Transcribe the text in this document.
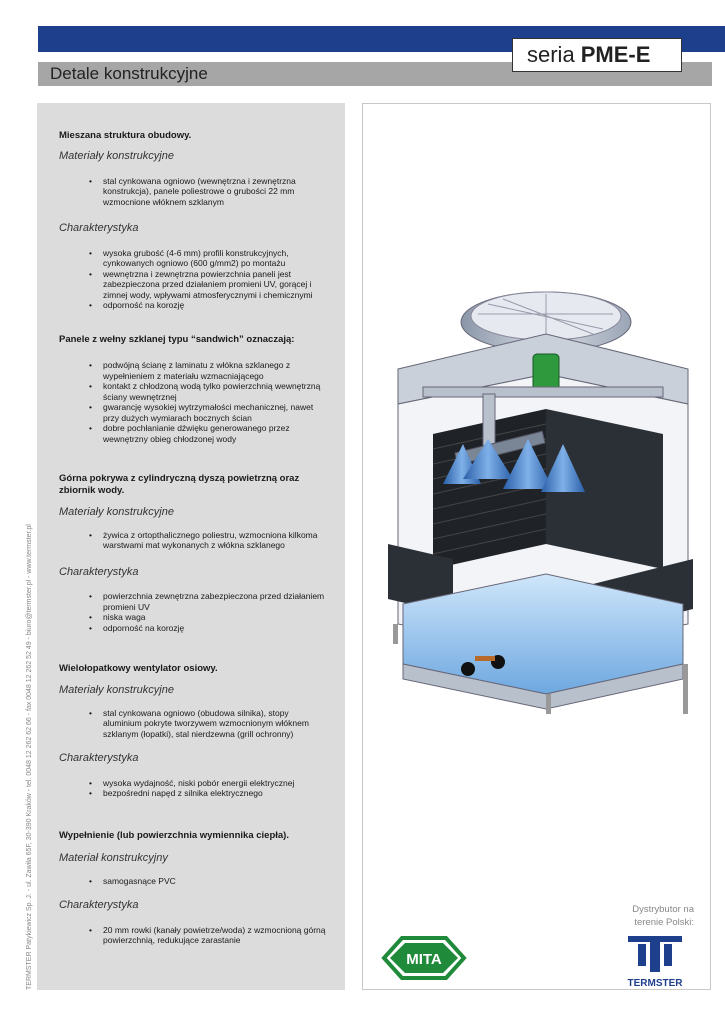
Detale konstrukcyjne
seria PME-E
Mieszana struktura obudowy.
Materiały konstrukcyjne
• stal cynkowana ogniowo (wewnętrzna i zewnętrzna konstrukcja), panele poliestrowe o grubości 22 mm wzmocnione włóknem szklanym
Charakterystyka
• wysoka grubość (4-6 mm) profili konstrukcyjnych, cynkowanych ogniowo (600 g/mm2) po montażu
• wewnętrzna i zewnętrzna powierzchnia paneli jest zabezpieczona przed działaniem promieni UV, gorącej i zimnej wody, wpływami atmosferycznymi i chemicznymi
• odporność na korozję
Panele z wełny szklanej typu “sandwich” oznaczają:
• podwójną ścianę z laminatu z włókna szklanego z wypełnieniem z materiału wzmacniającego
• kontakt z chłodzoną wodą tylko powierzchnią wewnętrzną ściany wewnętrznej
• gwarancję wysokiej wytrzymałości mechanicznej, nawet przy dużych wymiarach bocznych ścian
• dobre pochłanianie dźwięku generowanego przez wewnętrzny obieg chłodzonej wody
Górna pokrywa z cylindryczną dyszą powietrzną oraz zbiornik wody.
Materiały konstrukcyjne
• żywica z ortopthalicznego poliestru, wzmocniona kilkoma warstwami mat wykonanych z włókna szklanego
Charakterystyka
• powierzchnia zewnętrzna zabezpieczona przed działaniem promieni UV
• niska waga
• odporność na korozję
Wielołopatkowy wentylator osiowy.
Materiały konstrukcyjne
• stal cynkowana ogniowo (obudowa silnika), stopy aluminium pokryte tworzywem wzmocnionym włóknem szklanym (łopatki), stal nierdzewna (grill ochronny)
Charakterystyka
• wysoka wydajność, niski pobór energii elektrycznej
• bezpośredni napęd z silnika elektrycznego
Wypełnienie (lub powierzchnia wymiennika ciepła).
Materiał konstrukcyjny
• samogasnące PVC
Charakterystyka
• 20 mm rowki (kanały powietrze/woda) z wzmocnioną górną powierzchnią, redukujące zarastanie
TERMSTER Patykiewicz Sp. J. - ul. Zawiła 65F, 30-390 Kraków - tel. 0048 12 262 62 66 - fax 0048 12 262 52 49 - biuro@termster.pl - www.termster.pl	Dystrybutor na
terenie Polski:
MITA
TERMSTER
